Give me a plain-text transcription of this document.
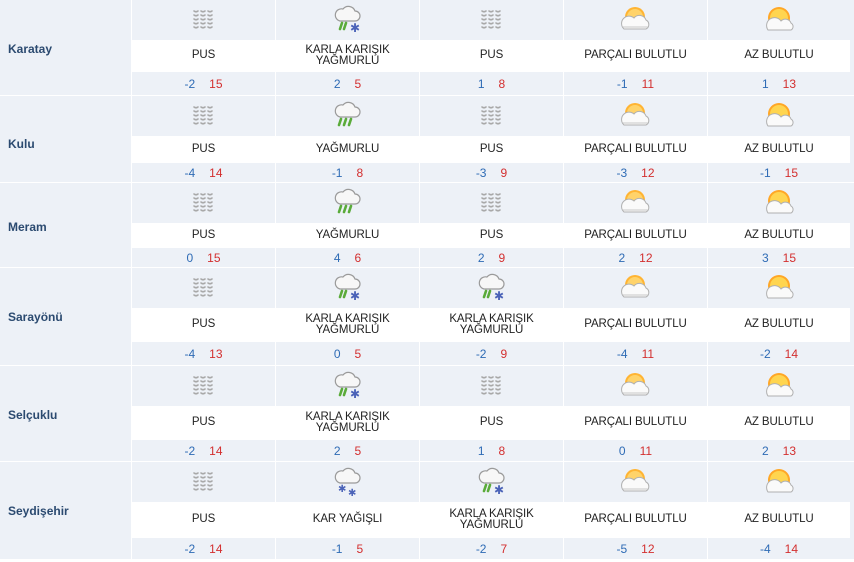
Karatay	PUS
-2 15
✱
KARLA KARIŞIK YAĞMURLU
2 5
PUS
1 8
PARÇALI BULUTLU
-1 11
AZ BULUTLU
1 13
Kulu	PUS
-4 14
YAĞMURLU
-1 8
PUS
-3 9
PARÇALI BULUTLU
-3 12
AZ BULUTLU
-1 15
Meram
PUS
0 15
YAĞMURLU
4 6
PUS
2 9
PARÇALI BULUTLU
2 12
AZ BULUTLU
3 15
Sarayönü
PUS
-4 13
✱
KARLA KARIŞIK YAĞMURLU
0 5
✱
KARLA KARIŞIK YAĞMURLU
-2 9
PARÇALI BULUTLU
-4 11
AZ BULUTLU
-2 14
Selçuklu
PUS
-2 14
✱
KARLA KARIŞIK YAĞMURLU
2 5
PUS
1 8
PARÇALI BULUTLU
0 11
AZ BULUTLU
2 13
Seydişehir
PUS
-2 14
✱ ✱
KAR YAĞIŞLI
-1 5
✱
KARLA KARIŞIK YAĞMURLU
-2 7
PARÇALI BULUTLU
-5 12
AZ BULUTLU
-4 14
